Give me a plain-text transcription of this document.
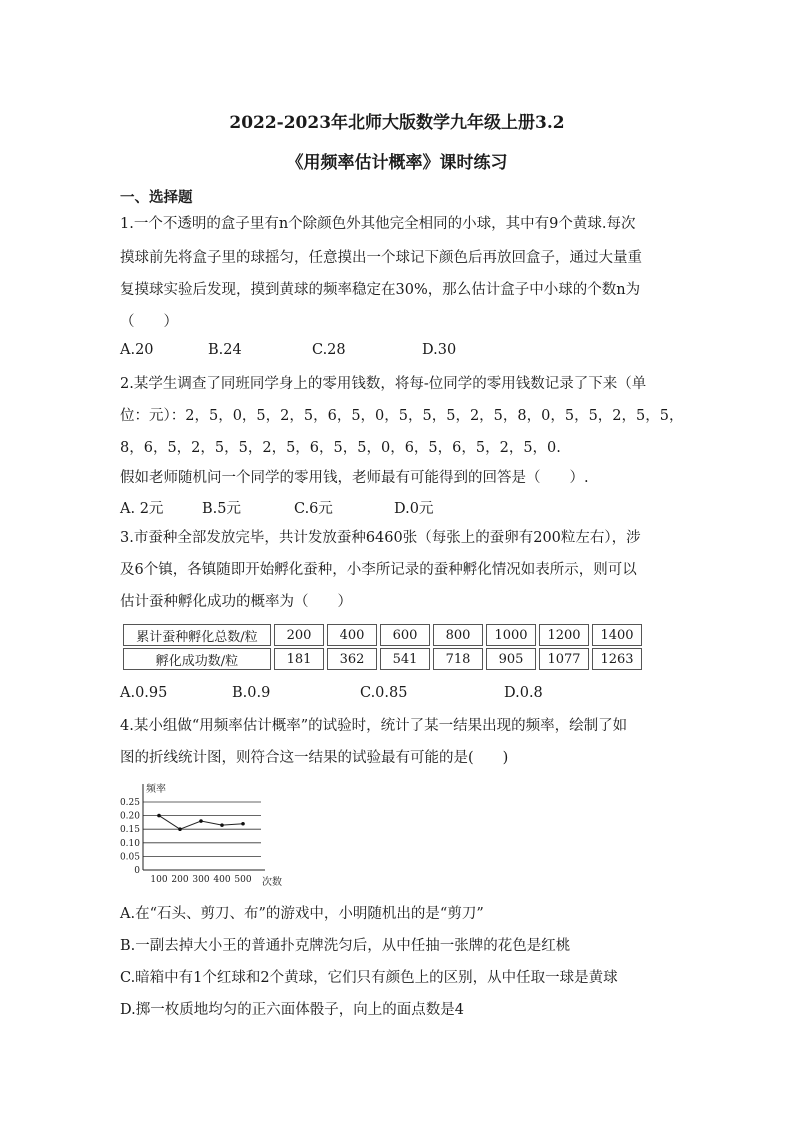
2022-2023年北师大版数学九年级上册3.2
《用频率估计概率》课时练习
一、选择题
1.一个不透明的盒子里有n个除颜色外其他完全相同的小球，其中有9个黄球.每次
摸球前先将盒子里的球摇匀，任意摸出一个球记下颜色后再放回盒子，通过大量重
复摸球实验后发现，摸到黄球的频率稳定在30%，那么估计盒子中小球的个数n为
（　　）
A.20	B.24	C.28	D.30
2.某学生调查了同班同学身上的零用钱数，将每-位同学的零用钱数记录了下来（单
位：元）：2，5，0，5，2，5，6，5，0，5，5，5，2，5，8，0，5，5，2，5，5，
8，6，5，2，5，5，2，5，6，5，5，0，6，5，6，5，2，5，0.
假如老师随机问一个同学的零用钱，老师最有可能得到的回答是（　　）.
A. 2元	B.5元	C.6元	D.0元
3.市蚕种全部发放完毕，共计发放蚕种6460张（每张上的蚕卵有200粒左右），涉
及6个镇，各镇随即开始孵化蚕种，小李所记录的蚕种孵化情况如表所示，则可以
估计蚕种孵化成功的概率为（　　）
累计蚕种孵化总数/粒	200	400	600	800	1000	1200	1400
孵化成功数/粒	181	362	541	718	905	1077	1263
A.0.95	B.0.9	C.0.85	D.0.8
4.某小组做“用频率估计概率”的试验时，统计了某一结果出现的频率，绘制了如
图的折线统计图，则符合这一结果的试验最有可能的是(　　)
0
0.05
0.10
0.15
0.20
0.25
100 200 300 400 500
频率
次数
A.在“石头、剪刀、布”的游戏中，小明随机出的是“剪刀”
B.一副去掉大小王的普通扑克牌洗匀后，从中任抽一张牌的花色是红桃
C.暗箱中有1个红球和2个黄球，它们只有颜色上的区别，从中任取一球是黄球
D.掷一枚质地均匀的正六面体骰子，向上的面点数是4
